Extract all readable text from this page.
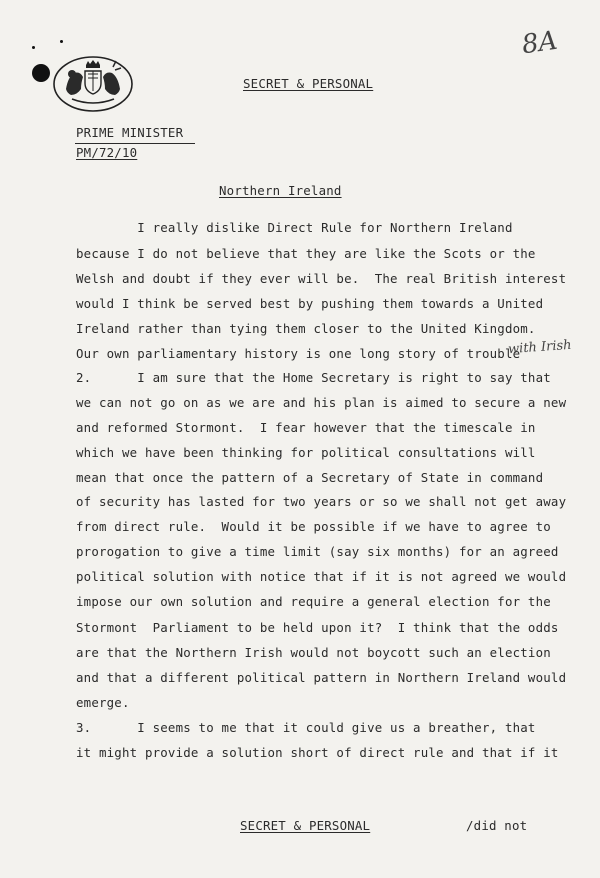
8A
SECRET & PERSONAL
PRIME MINISTER
PM/72/10
Northern Ireland
I really dislike Direct Rule for Northern Ireland
because I do not believe that they are like the Scots or the
Welsh and doubt if they ever will be.  The real British interest
would I think be served best by pushing them towards a United
Ireland rather than tying them closer to the United Kingdom.
Our own parliamentary history is one long story of trouble
2.      I am sure that the Home Secretary is right to say that
we can not go on as we are and his plan is aimed to secure a new
and reformed Stormont.  I fear however that the timescale in
which we have been thinking for political consultations will
mean that once the pattern of a Secretary of State in command
of security has lasted for two years or so we shall not get away
from direct rule.  Would it be possible if we have to agree to
prorogation to give a time limit (say six months) for an agreed
political solution with notice that if it is not agreed we would
impose our own solution and require a general election for the
Stormont  Parliament to be held upon it?  I think that the odds
are that the Northern Irish would not boycott such an election
and that a different political pattern in Northern Ireland would
emerge.
3.      I seems to me that it could give us a breather, that
it might provide a solution short of direct rule and that if it
with Irish
SECRET & PERSONAL	/did not
